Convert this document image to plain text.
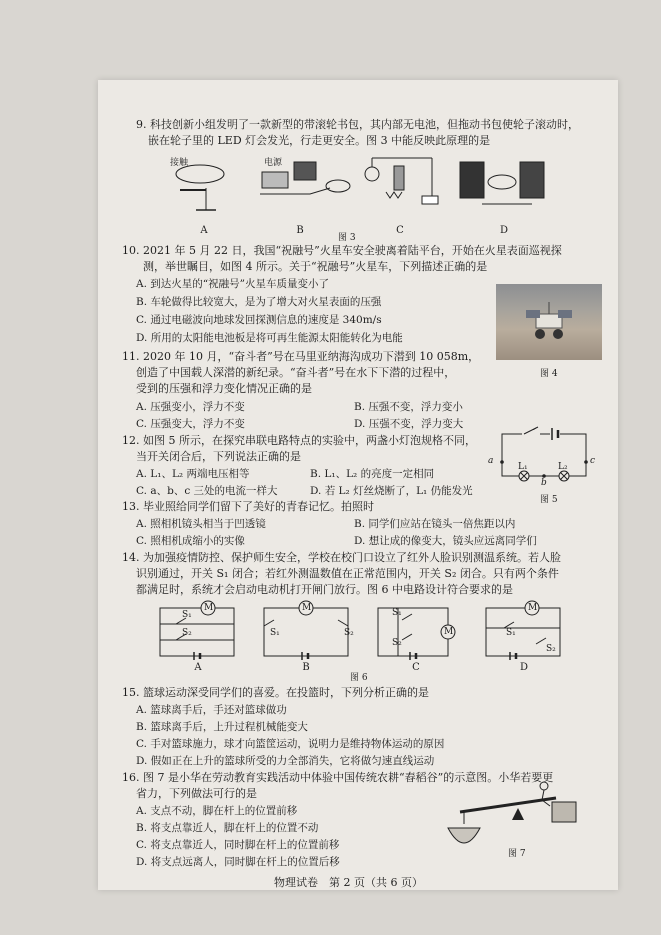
9. 科技创新小组发明了一款新型的带滚轮书包，其内部无电池，但拖动书包使轮子滚动时，
嵌在轮子里的 LED 灯会发光，行走更安全。图 3 中能反映此原理的是
接触	电源
A	B	C	D
图 3
10. 2021 年 5 月 22 日，我国“祝融号”火星车安全驶离着陆平台，开始在火星表面巡视探
测，举世瞩目，如图 4 所示。关于“祝融号”火星车，下列描述正确的是
A. 到达火星的“祝融号”火星车质量变小了
B. 车轮做得比较宽大，是为了增大对火星表面的压强
C. 通过电磁波向地球发回探测信息的速度是 340m/s
D. 所用的太阳能电池板是将可再生能源太阳能转化为电能
图 4
11. 2020 年 10 月，“奋斗者”号在马里亚纳海沟成功下潜到 10 058m，
创造了中国载人深潜的新纪录。“奋斗者”号在水下下潜的过程中，
受到的压强和浮力变化情况正确的是
A. 压强变小，浮力不变	B. 压强不变，浮力变小
C. 压强变大，浮力不变	D. 压强不变，浮力变大
12. 如图 5 所示，在探究串联电路特点的实验中，两盏小灯泡规格不同，
当开关闭合后，下列说法正确的是
A. L₁、L₂ 两端电压相等	B. L₁、L₂ 的亮度一定相同
C. a、b、c 三处的电流一样大	D. 若 L₂ 灯丝烧断了，L₁ 仍能发光
a
b
c
L₁	L₂
图 5
13. 毕业照给同学们留下了美好的青春记忆。拍照时
A. 照相机镜头相当于凹透镜	B. 同学们应站在镜头一倍焦距以内
C. 照相机成缩小的实像	D. 想让成的像变大，镜头应远离同学们
14. 为加强疫情防控、保护师生安全，学校在校门口设立了红外人脸识别测温系统。若人脸
识别通过，开关 S₁ 闭合；若红外测温数值在正常范围内，开关 S₂ 闭合。只有两个条件
都满足时，系统才会启动电动机打开闸门放行。图 6 中电路设计符合要求的是
M	M
M
M
S₁
S₂	S₁	S₂
S₁
S₂
S₁
S₂
A	B	C	D
图 6
15. 篮球运动深受同学们的喜爱。在投篮时，下列分析正确的是
A. 篮球离手后，手还对篮球做功
B. 篮球离手后，上升过程机械能变大
C. 手对篮球施力，球才向篮筐运动，说明力是维持物体运动的原因
D. 假如正在上升的篮球所受的力全部消失，它将做匀速直线运动
16. 图 7 是小华在劳动教育实践活动中体验中国传统农耕“舂稻谷”的示意图。小华若要更
省力，下列做法可行的是
A. 支点不动，脚在杆上的位置前移
B. 将支点靠近人，脚在杆上的位置不动
C. 将支点靠近人，同时脚在杆上的位置前移
D. 将支点远离人，同时脚在杆上的位置后移
图 7
物理试卷　第 2 页（共 6 页）
